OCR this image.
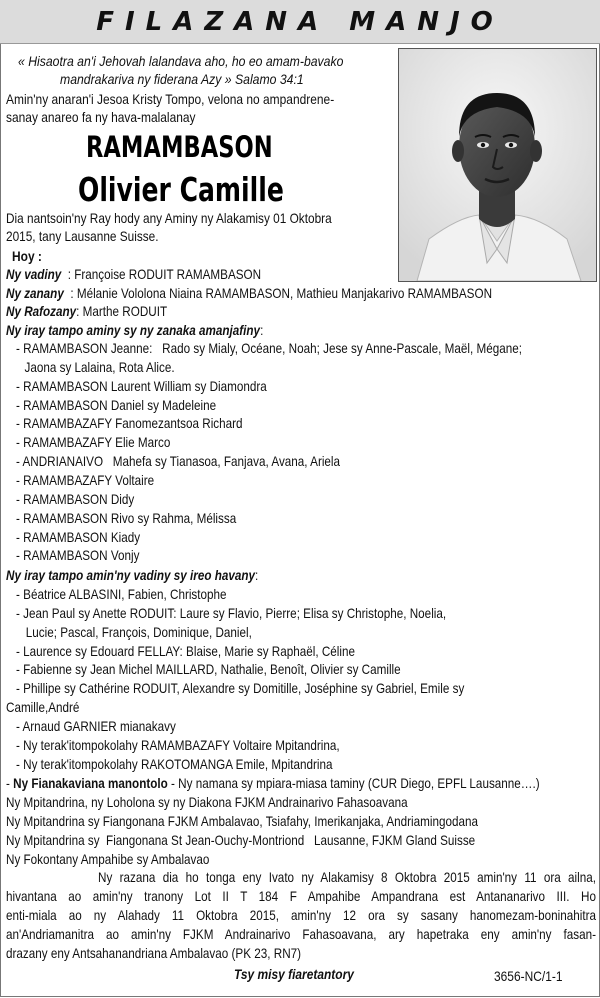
FILAZANA MANJO
« Hisaotra an'i Jehovah lalandava aho, ho eo amam-bavako
mandrakariva ny fiderana Azy » Salamo 34:1
Amin'ny anaran'i Jesoa Kristy Tompo, velona no ampandrene-
sanay anareo fa ny hava-malalanay
RAMAMBASON
Olivier Camille
Dia nantsoin'ny Ray hody any Aminy ny Alakamisy 01 Oktobra
2015, tany Lausanne Suisse.
Hoy :
Ny vadiny : Françoise RODUIT RAMAMBASON
Ny zanany : Mélanie Vololona Niaina RAMAMBASON, Mathieu Manjakarivo RAMAMBASON
Ny Rafozany: Marthe RODUIT
Ny iray tampo aminy sy ny zanaka amanjafiny:
- RAMAMBASON Jeanne:   Rado sy Mialy, Océane, Noah; Jese sy Anne-Pascale, Maël, Mégane;
Jaona sy Lalaina, Rota Alice.
- RAMAMBASON Laurent William sy Diamondra
- RAMAMBASON Daniel sy Madeleine
- RAMAMBAZAFY Fanomezantsoa Richard
- RAMAMBAZAFY Elie Marco
- ANDRIANAIVO   Mahefa sy Tianasoa, Fanjava, Avana, Ariela
- RAMAMBAZAFY Voltaire
- RAMAMBASON Didy
- RAMAMBASON Rivo sy Rahma, Mélissa
- RAMAMBASON Kiady
- RAMAMBASON Vonjy
Ny iray tampo amin'ny vadiny sy ireo havany:
- Béatrice ALBASINI, Fabien, Christophe
- Jean Paul sy Anette RODUIT: Laure sy Flavio, Pierre; Elisa sy Christophe, Noelia,
Lucie; Pascal, François, Dominique, Daniel,
- Laurence sy Edouard FELLAY: Blaise, Marie sy Raphaël, Céline
- Fabienne sy Jean Michel MAILLARD, Nathalie, Benoît, Olivier sy Camille
- Phillipe sy Cathérine RODUIT, Alexandre sy Domitille, Joséphine sy Gabriel, Emile sy
Camille,André
- Arnaud GARNIER mianakavy
- Ny terak'itompokolahy RAMAMBAZAFY Voltaire Mpitandrina,
- Ny terak'itompokolahy RAKOTOMANGA Emile, Mpitandrina
- Ny Fianakaviana manontolo - Ny namana sy mpiara-miasa taminy (CUR Diego, EPFL Lausanne….)
Ny Mpitandrina, ny Loholona sy ny Diakona FJKM Andrainarivo Fahasoavana
Ny Mpitandrina sy Fiangonana FJKM Ambalavao, Tsiafahy, Imerikanjaka, Andriamingodana
Ny Mpitandrina sy  Fiangonana St Jean-Ouchy-Montriond   Lausanne, FJKM Gland Suisse
Ny Fokontany Ampahibe sy Ambalavao
Ny razana dia ho tonga eny Ivato ny Alakamisy 8 Oktobra 2015 amin'ny 11 ora ailna,
hivantana ao amin'ny tranony Lot II T 184 F Ampahibe Ampandrana est Antananarivo III. Ho
enti-miala ao ny Alahady 11 Oktobra 2015, amin'ny 12 ora sy sasany hanomezam-boninahitra
an'Andriamanitra ao amin'ny FJKM Andrainarivo Fahasoavana, ary hapetraka eny amin'ny fasan-
drazany eny Antsahanandriana Ambalavao (PK 23, RN7)
Tsy misy fiaretantory	3656-NC/1-1
